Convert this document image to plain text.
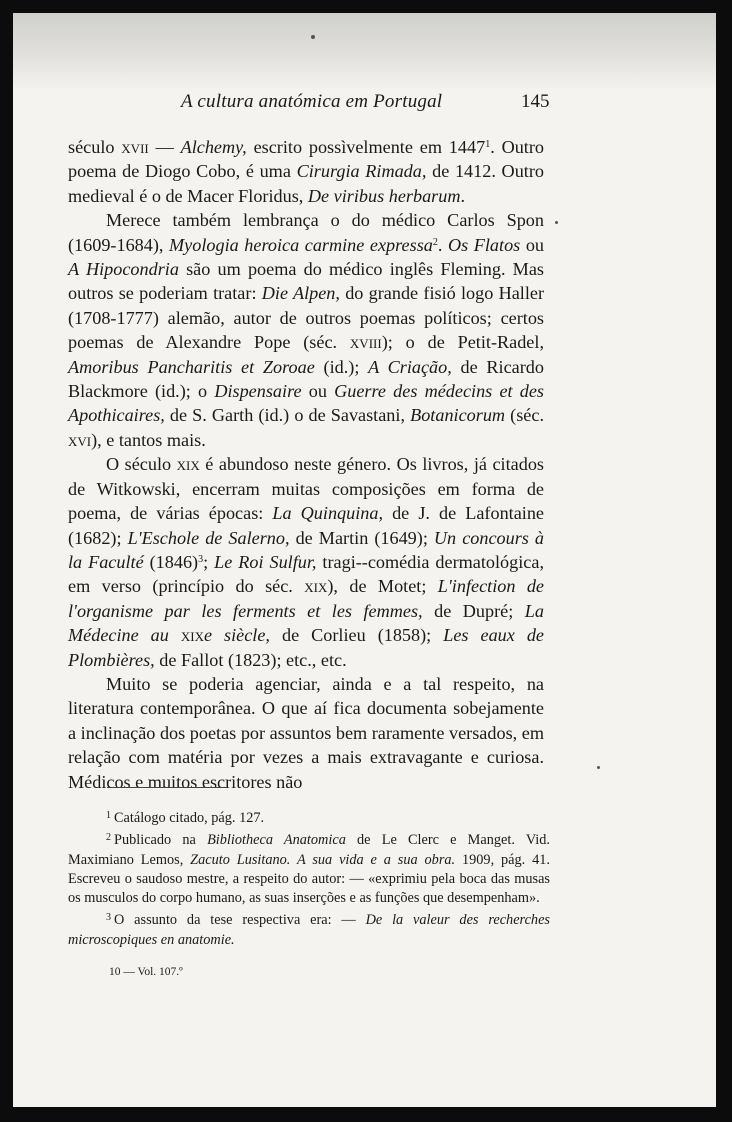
A cultura anatómica em Portugal	145

século xvii — Alchemy, escrito possìvelmente em 1447$^1$. Outro poema de Diogo Cobo, é uma Cirurgia Rimada, de 1412. Outro medieval é o de Macer Floridus, De viribus herbarum.

Merece também lembrança o do médico Carlos Spon (1609-1684), Myologia heroica carmine expressa$^2$. Os Flatos ou A Hipocondria são um poema do médico inglês Fleming. Mas outros se poderiam tratar: Die Alpen, do grande fisió logo Haller (1708-1777) alemão, autor de outros poemas políticos; certos poemas de Alexandre Pope (séc. xviii); o de Petit-Radel, Amoribus Pancharitis et Zoroae (id.); A Criação, de Ricardo Blackmore (id.); o Dispensaire ou Guerre des médecins et des Apothicaires, de S. Garth (id.) o de Savastani, Botanicorum (séc. xvi), e tantos mais.

O século xix é abundoso neste género. Os livros, já citados de Witkowski, encerram muitas composições em forma de poema, de várias épocas: La Quinquina, de J. de Lafontaine (1682); L'Eschole de Salerno, de Martin (1649); Un concours à la Faculté $(1846)^3$; Le Roi Sulfur, tragi--comédia dermatológica, em verso (princípio do séc. xix), de Motet; L'infection de l'organisme par les ferments et les femmes, de Dupré; La Médecine au xixe siècle, de Corlieu (1858); Les eaux de Plombières, de Fallot (1823); etc., etc.

Muito se poderia agenciar, ainda e a tal respeito, na literatura contemporânea. O que aí fica documenta sobejamente a inclinação dos poetas por assuntos bem raramente versados, em relação com matéria por vezes a mais extravagante e curiosa. Médicos e muitos escritores não

$^1$ Catálogo citado, pág. 127.

$^2$ Publicado na Bibliotheca Anatomica de Le Clerc e Manget. Vid. Maximiano Lemos, Zacuto Lusitano. A sua vida e a sua obra. 1909, pág. 41. Escreveu o saudoso mestre, a respeito do autor: — «exprimiu pela boca das musas os musculos do corpo humano, as suas inserções e as funções que desempenham».

$^3$ O assunto da tese respectiva era: — De la valeur des recherches microscopiques en anatomie.

10 — Vol. 107.º
